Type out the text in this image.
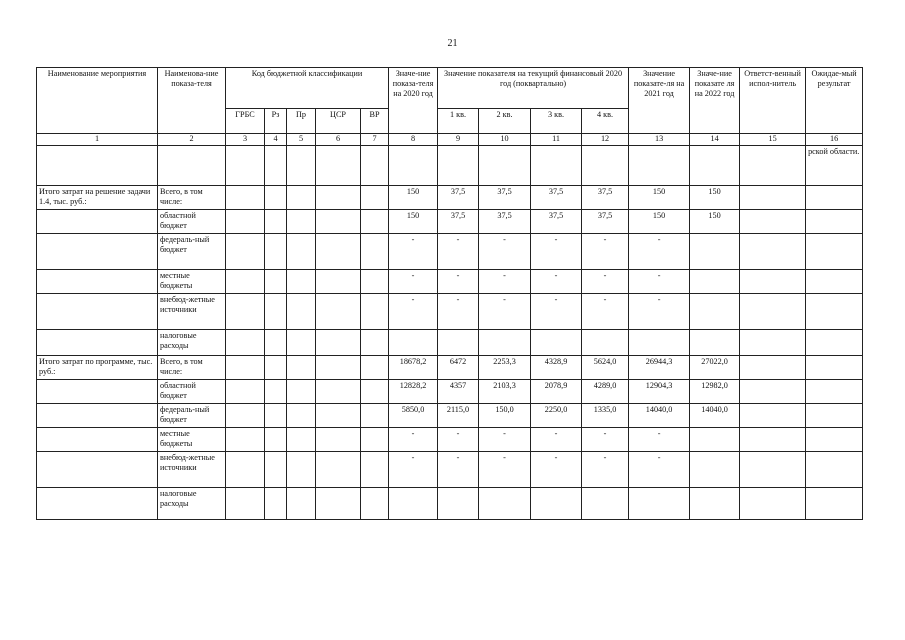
21
Наименование мероприятия	Наименова-ние показа-теля	Код бюджетной классификации					Значе-ние показа-теля на 2020 год	Значение показателя на текущий финансовый 2020 год (поквартально)				Значение показате-ля на 2021 год	Значе-ние показате ля на 2022 год	Ответст-венный испол-нитель	Ожидае-мый результат
		ГРБС	Рз	Пр	ЦСР	ВР		1 кв.	2 кв.	3 кв.	4 кв.				
1	2	3	4	5	6	7	8	9	10	11	12	13	14	15	16
															рской области.
Итого затрат на решение задачи 1.4, тыс. руб.:	Всего, в том числе:						150	37,5	37,5	37,5	37,5	150	150		
	областной бюджет						150	37,5	37,5	37,5	37,5	150	150		
	федераль-ный бюджет						-	-	-	-	-	-			
	местные бюджеты						-	-	-	-	-	-			
	внебюд-жетные источники						-	-	-	-	-	-			
	налоговые расходы														
Итого затрат по программе, тыс. руб.:	Всего, в том числе:						18678,2	6472	2253,3	4328,9	5624,0	26944,3	27022,0		
	областной бюджет						12828,2	4357	2103,3	2078,9	4289,0	12904,3	12982,0		
	федераль-ный бюджет						5850,0	2115,0	150,0	2250,0	1335,0	14040,0	14040,0		
	местные бюджеты						-	-	-	-	-	-			
	внебюд-жетные источники						-	-	-	-	-	-			
	налоговые расходы														
